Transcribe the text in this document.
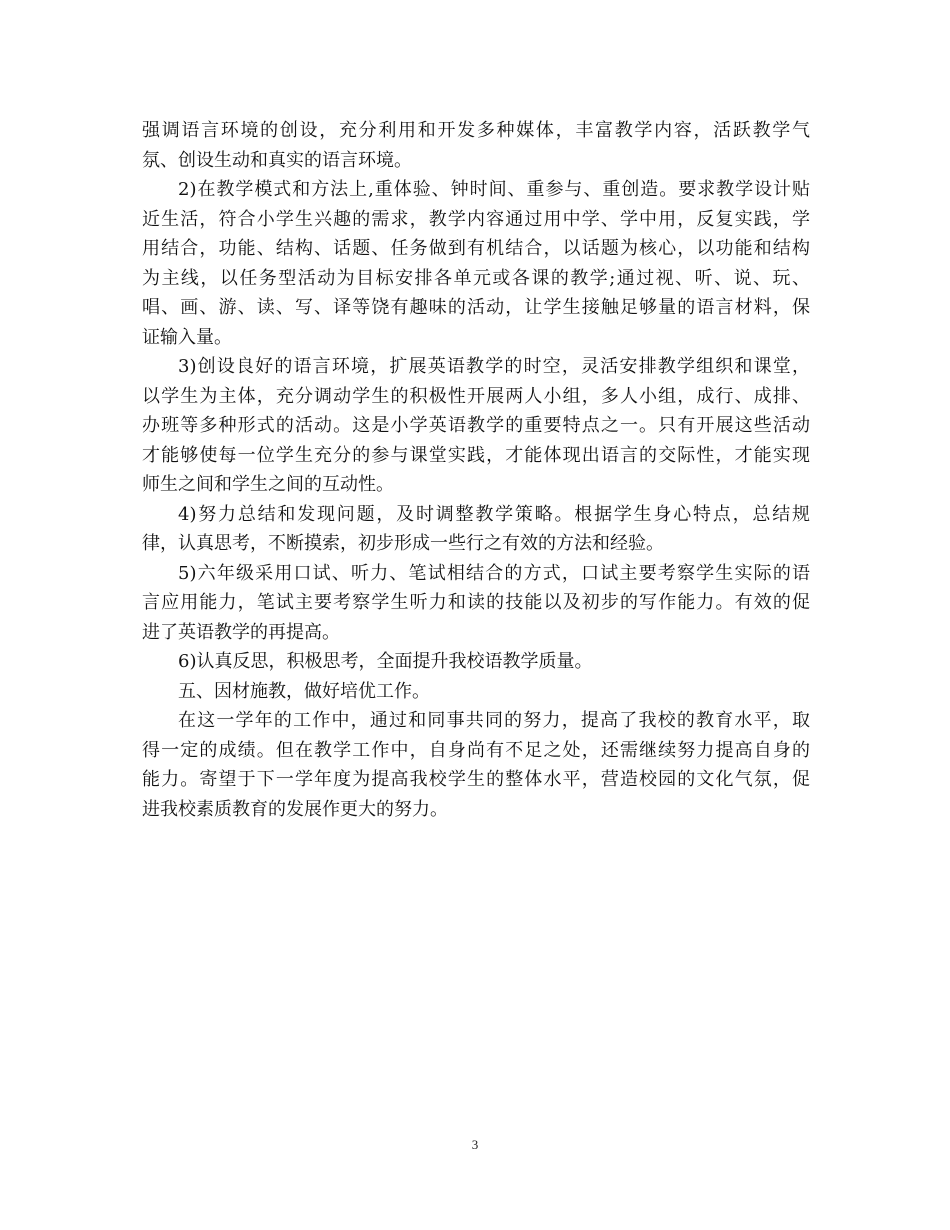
强调语言环境的创设，充分利用和开发多种媒体，丰富教学内容，活跃教学气
氛、创设生动和真实的语言环境。
2)在教学模式和方法上,重体验、钟时间、重参与、重创造。要求教学设计贴
近生活，符合小学生兴趣的需求，教学内容通过用中学、学中用，反复实践，学
用结合，功能、结构、话题、任务做到有机结合，以话题为核心，以功能和结构
为主线，以任务型活动为目标安排各单元或各课的教学;通过视、听、说、玩、
唱、画、游、读、写、译等饶有趣味的活动，让学生接触足够量的语言材料，保
证输入量。
3)创设良好的语言环境，扩展英语教学的时空，灵活安排教学组织和课堂，
以学生为主体，充分调动学生的积极性开展两人小组，多人小组，成行、成排、
办班等多种形式的活动。这是小学英语教学的重要特点之一。只有开展这些活动
才能够使每一位学生充分的参与课堂实践，才能体现出语言的交际性，才能实现
师生之间和学生之间的互动性。
4)努力总结和发现问题，及时调整教学策略。根据学生身心特点，总结规
律，认真思考，不断摸索，初步形成一些行之有效的方法和经验。
5)六年级采用口试、听力、笔试相结合的方式，口试主要考察学生实际的语
言应用能力，笔试主要考察学生听力和读的技能以及初步的写作能力。有效的促
进了英语教学的再提高。
6)认真反思，积极思考，全面提升我校语教学质量。
五、因材施教，做好培优工作。
在这一学年的工作中，通过和同事共同的努力，提高了我校的教育水平，取
得一定的成绩。但在教学工作中，自身尚有不足之处，还需继续努力提高自身的
能力。寄望于下一学年度为提高我校学生的整体水平，营造校园的文化气氛，促
进我校素质教育的发展作更大的努力。
3
